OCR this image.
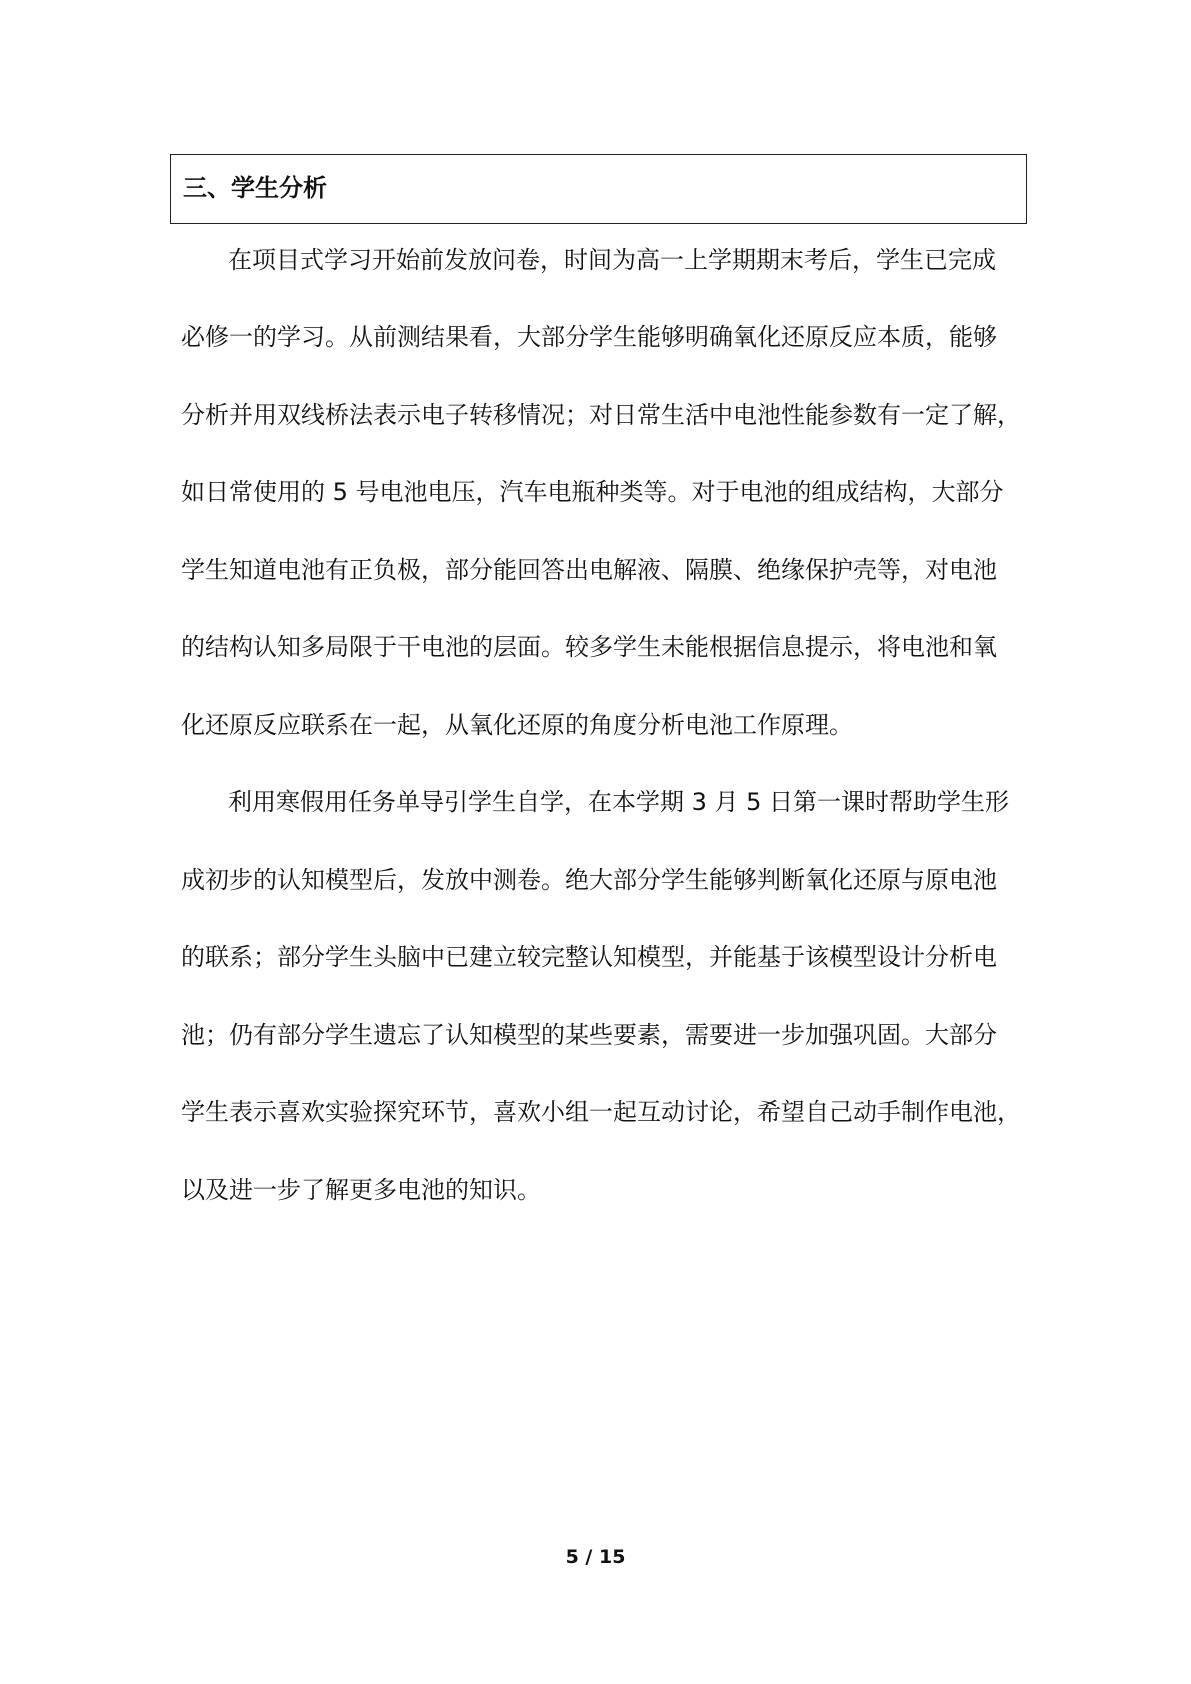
三、学生分析

在项目式学习开始前发放问卷，时间为高一上学期期末考后，学生已完成

必修一的学习。从前测结果看，大部分学生能够明确氧化还原反应本质，能够

分析并用双线桥法表示电子转移情况；对日常生活中电池性能参数有一定了解，

如日常使用的 5 号电池电压，汽车电瓶种类等。对于电池的组成结构，大部分

学生知道电池有正负极，部分能回答出电解液、隔膜、绝缘保护壳等，对电池

的结构认知多局限于干电池的层面。较多学生未能根据信息提示，将电池和氧

化还原反应联系在一起，从氧化还原的角度分析电池工作原理。

利用寒假用任务单导引学生自学，在本学期 3 月 5 日第一课时帮助学生形

成初步的认知模型后，发放中测卷。绝大部分学生能够判断氧化还原与原电池

的联系；部分学生头脑中已建立较完整认知模型，并能基于该模型设计分析电

池；仍有部分学生遗忘了认知模型的某些要素，需要进一步加强巩固。大部分

学生表示喜欢实验探究环节，喜欢小组一起互动讨论，希望自己动手制作电池，

以及进一步了解更多电池的知识。

5 / 15
